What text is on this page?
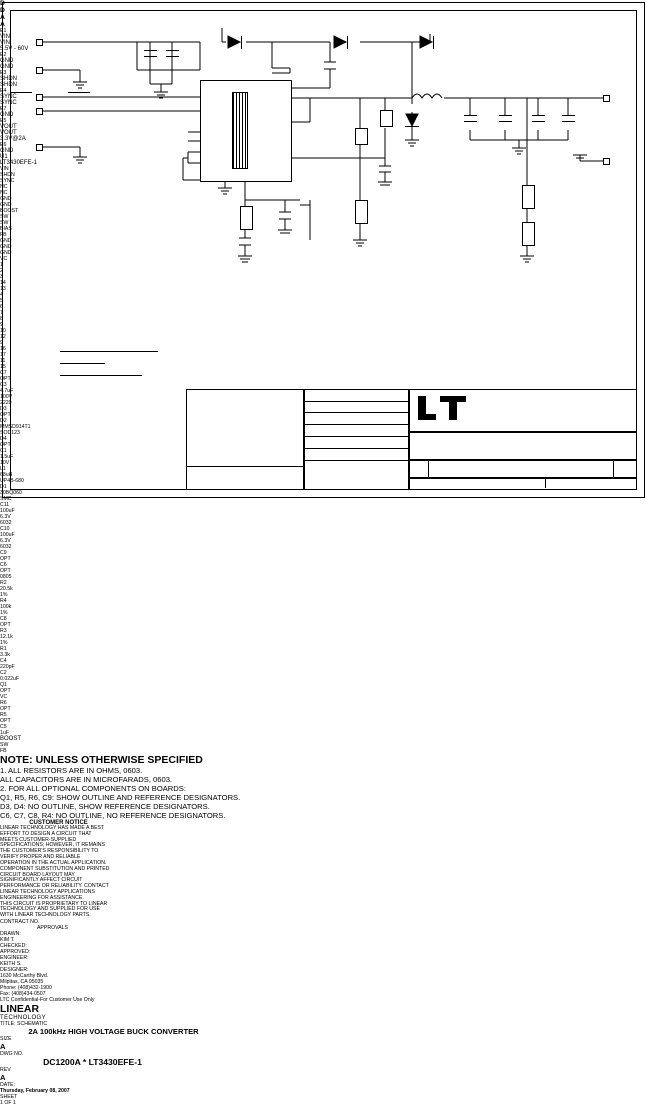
D
D
A
A
E1
VIN
VIN
5.5V - 60V
E2
GND
GND
E3
SHDN
SHDN
E4
SYNC
SYNC
E7
GND
E5
VOUT
VOUT
3.3V@2A
E6
GND
U1
LT3430EFE-1
VIN
SHDN
SYNC
NC
NC
GND
GND
BOOST
SW
SW
BIAS
FB
GND
GND
GND
VC
1
2
3
14
13
4
5
6
7
8
9
10
12
9
16
17
11
15
C7
OPT
C3
4.7uF
100V
2220
D3
OPT
D2
MMSD914T1
SOD123
D4
OPT
C1
1.5uF
10V
L1
68uH
UP4B-680
D1
30BQ060
SMC
C11
100uF
6.3V
6032
C10
100uF
6.3V
6032
C9
OPT
C6
OPT
0805
R2
20.5k
1%
R4
100k
1%
C8
OPT
R3
12.1k
1%
R1
3.3k
C4
220pF
C2
0.022uF
Q1
OPT
VC
R6
OPT
R5
OPT
C5
1uF
BOOST
SW
FB
NOTE: UNLESS OTHERWISE SPECIFIED
1. ALL RESISTORS ARE IN OHMS, 0603.
ALL CAPACITORS ARE IN MICROFARADS, 0603.
2. FOR ALL OPTIONAL COMPONENTS ON BOARDS:
Q1, R5, R6, C9: SHOW OUTLINE AND REFERENCE DESIGNATORS.
D3, D4: NO OUTLINE, SHOW REFERENCE DESIGNATORS.
C6, C7, C8, R4: NO OUTLINE, NO REFERENCE DESIGNATORS.
CUSTOMER NOTICE
LINEAR TECHNOLOGY HAS MADE A BEST EFFORT TO DESIGN A CIRCUIT THAT MEETS CUSTOMER-SUPPLIED SPECIFICATIONS; HOWEVER, IT REMAINS THE CUSTOMER'S RESPONSIBILITY TO VERIFY PROPER AND RELIABLE OPERATION IN THE ACTUAL APPLICATION. COMPONENT SUBSTITUTION AND PRINTED CIRCUIT BOARD LAYOUT MAY SIGNIFICANTLY AFFECT CIRCUIT PERFORMANCE OR RELIABILITY. CONTACT LINEAR TECHNOLOGY APPLICATIONS ENGINEERING FOR ASSISTANCE.
THIS CIRCUIT IS PROPRIETARY TO LINEAR TECHNOLOGY AND SUPPLIED FOR USE WITH LINEAR TECHNOLOGY PARTS.
CONTRACT NO.
APPROVALS
DRAWN:
KIM T.
CHECKED:
APPROVED:
ENGINEER:
KEITH S.
DESIGNER:
1630 McCarthy Blvd.
Milpitas, CA 95035
Phone: (408)432-1900
Fax: (408)434-0507
LTC Confidential-For Customer Use Only
LINEAR
TECHNOLOGY
TITLE: SCHEMATIC
2A 100kHz HIGH VOLTAGE BUCK CONVERTER
SIZE
A
DWG NO.
DC1200A * LT3430EFE-1
REV
A
DATE:
Thursday, February 08, 2007
SHEET
1 OF 1
